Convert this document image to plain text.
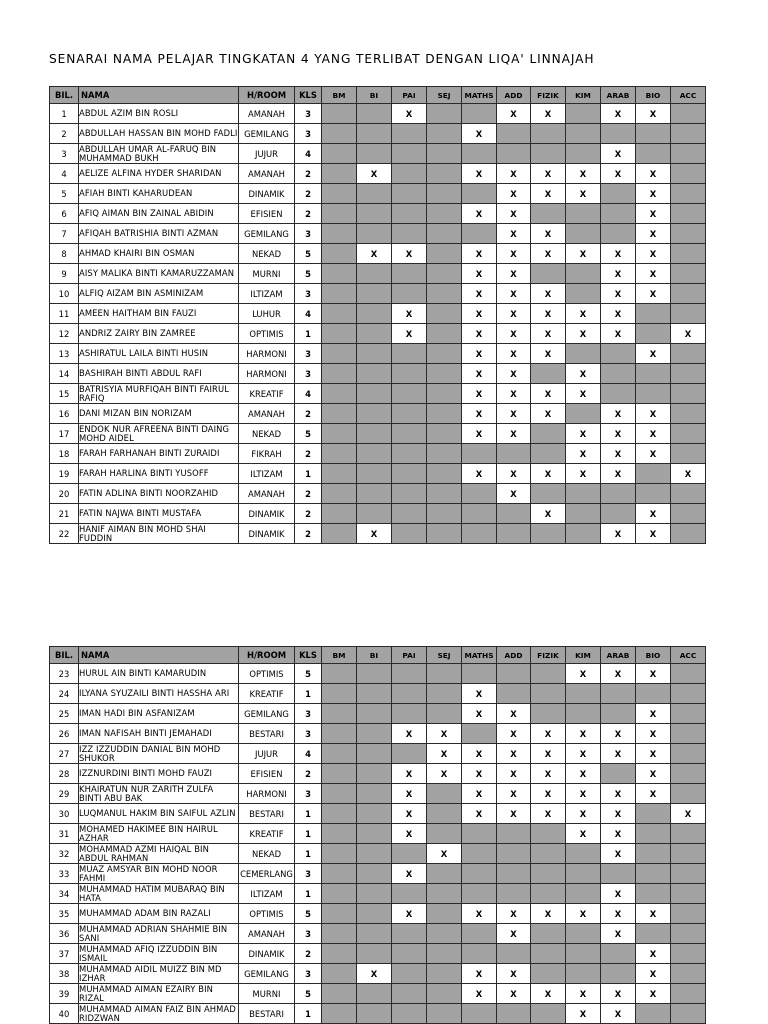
SENARAI NAMA PELAJAR TINGKATAN 4 YANG TERLIBAT DENGAN LIQA' LINNAJAH
BIL.	NAMA	H/ROOM	KLS	BM	BI	PAI	SEJ	MATHS	ADD	FIZIK	KIM	ARAB	BIO	ACC
1	ABDUL AZIM BIN ROSLI	AMANAH	3			X			X	X		X	X	
2	ABDULLAH HASSAN BIN MOHD FADLI	GEMILANG	3					X						
3	ABDULLAH UMAR AL-FARUQ BIN MUHAMMAD BUKH	JUJUR	4									X		
4	AELIZE ALFINA HYDER SHARIDAN	AMANAH	2		X			X	X	X	X	X	X	
5	AFIAH BINTI KAHARUDEAN	DINAMIK	2						X	X	X		X	
6	AFIQ AIMAN BIN ZAINAL ABIDIN	EFISIEN	2					X	X				X	
7	AFIQAH BATRISHIA BINTI AZMAN	GEMILANG	3						X	X			X	
8	AHMAD KHAIRI BIN OSMAN	NEKAD	5		X	X		X	X	X	X	X	X	
9	AISY MALIKA BINTI KAMARUZZAMAN	MURNI	5					X	X			X	X	
10	ALFIQ AIZAM BIN ASMINIZAM	ILTIZAM	3					X	X	X		X	X	
11	AMEEN HAITHAM BIN FAUZI	LUHUR	4			X		X	X	X	X	X		
12	ANDRIZ ZAIRY BIN ZAMREE	OPTIMIS	1			X		X	X	X	X	X		X
13	ASHIRATUL LAILA BINTI HUSIN	HARMONI	3					X	X	X			X	
14	BASHIRAH BINTI ABDUL RAFI	HARMONI	3					X	X		X			
15	BATRISYIA MURFIQAH BINTI FAIRUL RAFIQ	KREATIF	4					X	X	X	X			
16	DANI MIZAN BIN NORIZAM	AMANAH	2					X	X	X		X	X	
17	ENDOK NUR AFREENA BINTI DAING MOHD AIDEL	NEKAD	5					X	X		X	X	X	
18	FARAH FARHANAH BINTI ZURAIDI	FIKRAH	2								X	X	X	
19	FARAH HARLINA BINTI YUSOFF	ILTIZAM	1					X	X	X	X	X		X
20	FATIN ADLINA BINTI NOORZAHID	AMANAH	2						X					
21	FATIN NAJWA BINTI MUSTAFA	DINAMIK	2							X			X	
22	HANIF AIMAN BIN MOHD SHAI FUDDIN	DINAMIK	2		X							X	X	
BIL.	NAMA	H/ROOM	KLS	BM	BI	PAI	SEJ	MATHS	ADD	FIZIK	KIM	ARAB	BIO	ACC
23	HURUL AIN BINTI KAMARUDIN	OPTIMIS	5								X	X	X	
24	ILYANA SYUZAILI BINTI HASSHA ARI	KREATIF	1					X						
25	IMAN HADI BIN ASFANIZAM	GEMILANG	3					X	X				X	
26	IMAN NAFISAH BINTI JEMAHADI	BESTARI	3			X	X		X	X	X	X	X	
27	IZZ IZZUDDIN DANIAL BIN MOHD SHUKOR	JUJUR	4				X	X	X	X	X	X	X	
28	IZZNURDINI BINTI MOHD FAUZI	EFISIEN	2			X	X	X	X	X	X		X	
29	KHAIRATUN NUR ZARITH ZULFA BINTI ABU BAK	HARMONI	3			X		X	X	X	X	X	X	
30	LUQMANUL HAKIM BIN SAIFUL AZLIN	BESTARI	1			X		X	X	X	X	X		X
31	MOHAMED HAKIMEE BIN HAIRUL AZHAR	KREATIF	1			X					X	X		
32	MOHAMMAD AZMI HAIQAL BIN ABDUL RAHMAN	NEKAD	1				X					X		
33	MUAZ AMSYAR BIN MOHD NOOR FAHMI	CEMERLANG	3			X								
34	MUHAMMAD HATIM MUBARAQ BIN HATA	ILTIZAM	1									X		
35	MUHAMMAD ADAM BIN RAZALI	OPTIMIS	5			X		X	X	X	X	X	X	
36	MUHAMMAD ADRIAN SHAHMIE BIN SANI	AMANAH	3						X			X		
37	MUHAMMAD AFIQ IZZUDDIN BIN ISMAIL	DINAMIK	2										X	
38	MUHAMMAD AIDIL MUIZZ BIN MD IZHAR	GEMILANG	3		X			X	X				X	
39	MUHAMMAD AIMAN EZAIRY BIN RIZAL	MURNI	5					X	X	X	X	X	X	
40	MUHAMMAD AIMAN FAIZ BIN AHMAD RIDZWAN	BESTARI	1								X	X		
